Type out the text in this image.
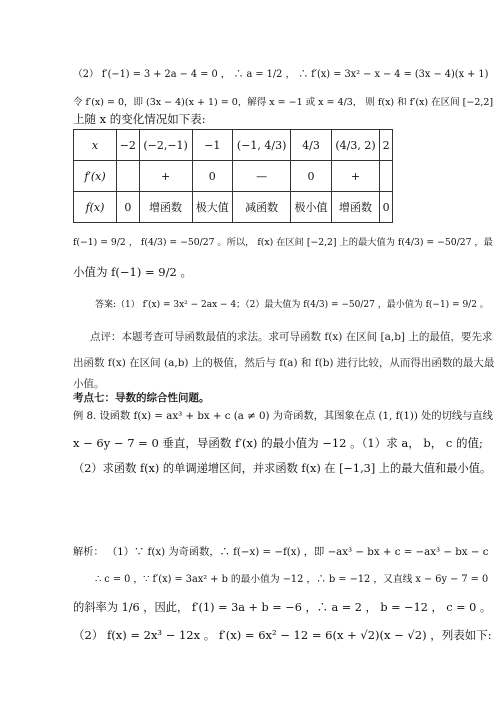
（2） f′(−1) = 3 + 2a − 4 = 0 ， ∴ a = 1/2 ， ∴ f′(x) = 3x² − x − 4 = (3x − 4)(x + 1)
令 f′(x) = 0，即 (3x − 4)(x + 1) = 0，解得 x = −1 或 x = 4/3， 则 f(x) 和 f′(x) 在区间 [−2,2]
上随 x 的变化情况如下表:
x	−2	(−2,−1)	−1	(−1, 4/3)	4/3	(4/3, 2)	2
f′(x)		+	0	—	0	+	
f(x)	0	增函数	极大值	减函数	极小值	增函数	0
f(−1) = 9/2 ， f(4/3) = −50/27 。所以， f(x) 在区间 [−2,2] 上的最大值为 f(4/3) = −50/27 ，最
小值为 f(−1) = 9/2 。
答案:（1） f′(x) = 3x² − 2ax − 4；（2）最大值为 f(4/3) = −50/27 ，最小值为 f(−1) = 9/2 。
点评：本题考查可导函数最值的求法。求可导函数 f(x) 在区间 [a,b] 上的最值，要先求
出函数 f(x) 在区间 (a,b) 上的极值，然后与 f(a) 和 f(b) 进行比较，从而得出函数的最大最
小值。
考点七：导数的综合性问题。
例 8. 设函数 f(x) = ax³ + bx + c (a ≠ 0) 为奇函数，其图象在点 (1, f(1)) 处的切线与直线
x − 6y − 7 = 0 垂直，导函数 f′(x) 的最小值为 −12 。（1）求 a， b， c 的值;
（2）求函数 f(x) 的单调递增区间，并求函数 f(x) 在 [−1,3] 上的最大值和最小值。
解析： （1）∵ f(x) 为奇函数，∴ f(−x) = −f(x) ，即 −ax³ − bx + c = −ax³ − bx − c
∴ c = 0 ，∵ f′(x) = 3ax² + b 的最小值为 −12 ，∴ b = −12 ，又直线 x − 6y − 7 = 0
的斜率为 1/6 ，因此， f′(1) = 3a + b = −6 ，∴ a = 2 ， b = −12 ， c = 0 。
（2） f(x) = 2x³ − 12x 。 f′(x) = 6x² − 12 = 6(x + √2)(x − √2) ，列表如下:
